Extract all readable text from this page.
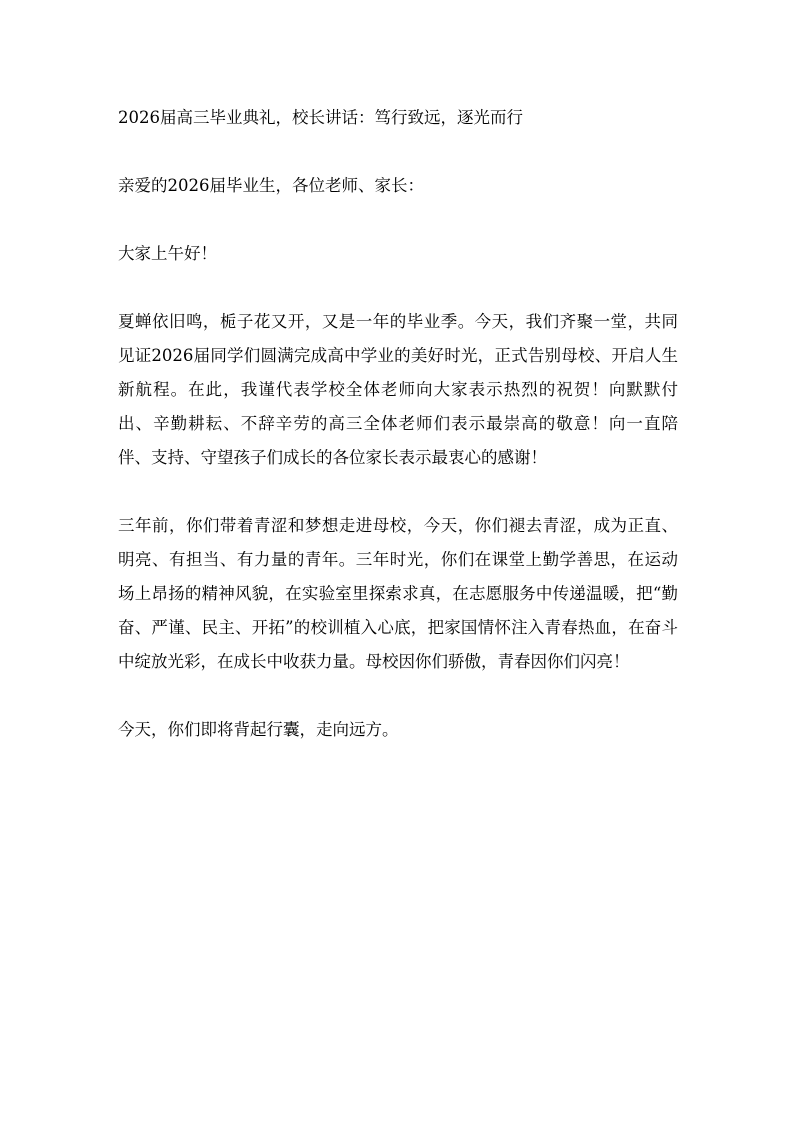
2026届高三毕业典礼，校长讲话：笃行致远，逐光而行

亲爱的2026届毕业生，各位老师、家长：

大家上午好！

夏蝉依旧鸣，栀子花又开，又是一年的毕业季。今天，我们齐聚一堂，共同见证2026届同学们圆满完成高中学业的美好时光，正式告别母校、开启人生新航程。在此，我谨代表学校全体老师向大家表示热烈的祝贺！向默默付出、辛勤耕耘、不辞辛劳的高三全体老师们表示最崇高的敬意！向一直陪伴、支持、守望孩子们成长的各位家长表示最衷心的感谢！

三年前，你们带着青涩和梦想走进母校，今天，你们褪去青涩，成为正直、明亮、有担当、有力量的青年。三年时光，你们在课堂上勤学善思，在运动场上昂扬的精神风貌，在实验室里探索求真，在志愿服务中传递温暖，把“勤奋、严谨、民主、开拓”的校训植入心底，把家国情怀注入青春热血，在奋斗中绽放光彩，在成长中收获力量。母校因你们骄傲，青春因你们闪亮！

今天，你们即将背起行囊，走向远方。
